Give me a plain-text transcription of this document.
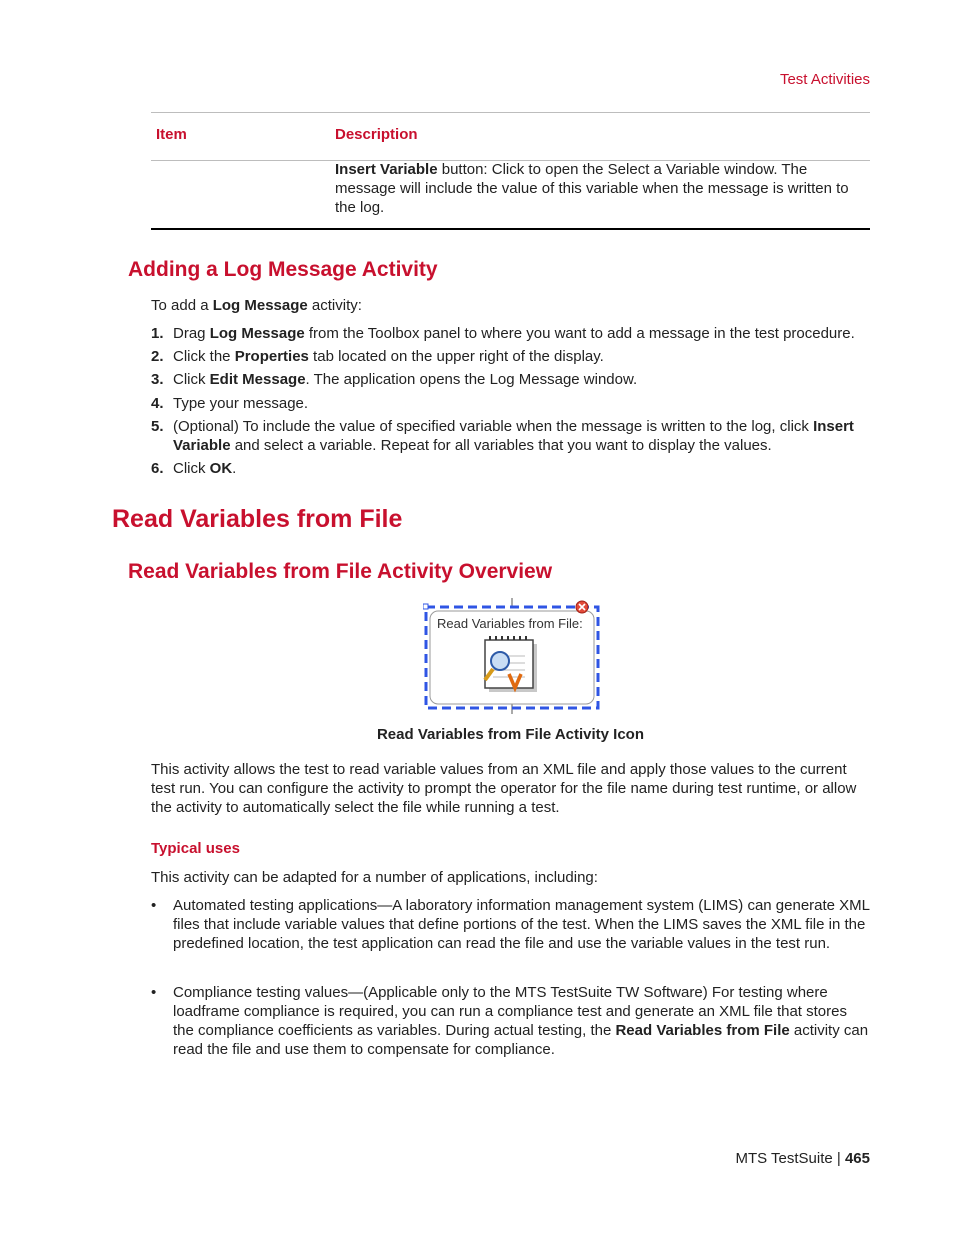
Test Activities
Item	Description
Insert Variable button: Click to open the Select a Variable window. The message will include the value of this variable when the message is written to the log.
Adding a Log Message Activity
To add a Log Message activity:
1. Drag Log Message from the Toolbox panel to where you want to add a message in the test procedure.
2. Click the Properties tab located on the upper right of the display.
3. Click Edit Message. The application opens the Log Message window.
4. Type your message.
5. (Optional) To include the value of specified variable when the message is written to the log, click Insert Variable and select a variable. Repeat for all variables that you want to display the values.
6. Click OK.
Read Variables from File
Read Variables from File Activity Overview
Read Variables from File:
Read Variables from File Activity Icon
This activity allows the test to read variable values from an XML file and apply those values to the current test run. You can configure the activity to prompt the operator for the file name during test runtime, or allow the activity to automatically select the file while running a test.
Typical uses
This activity can be adapted for a number of applications, including:
• Automated testing applications—A laboratory information management system (LIMS) can generate XML files that include variable values that define portions of the test. When the LIMS saves the XML file in the predefined location, the test application can read the file and use the variable values in the test run.
• Compliance testing values—(Applicable only to the MTS TestSuite TW Software) For testing where loadframe compliance is required, you can run a compliance test and generate an XML file that stores the compliance coefficients as variables. During actual testing, the Read Variables from File activity can read the file and use them to compensate for compliance.
MTS TestSuite | 465
